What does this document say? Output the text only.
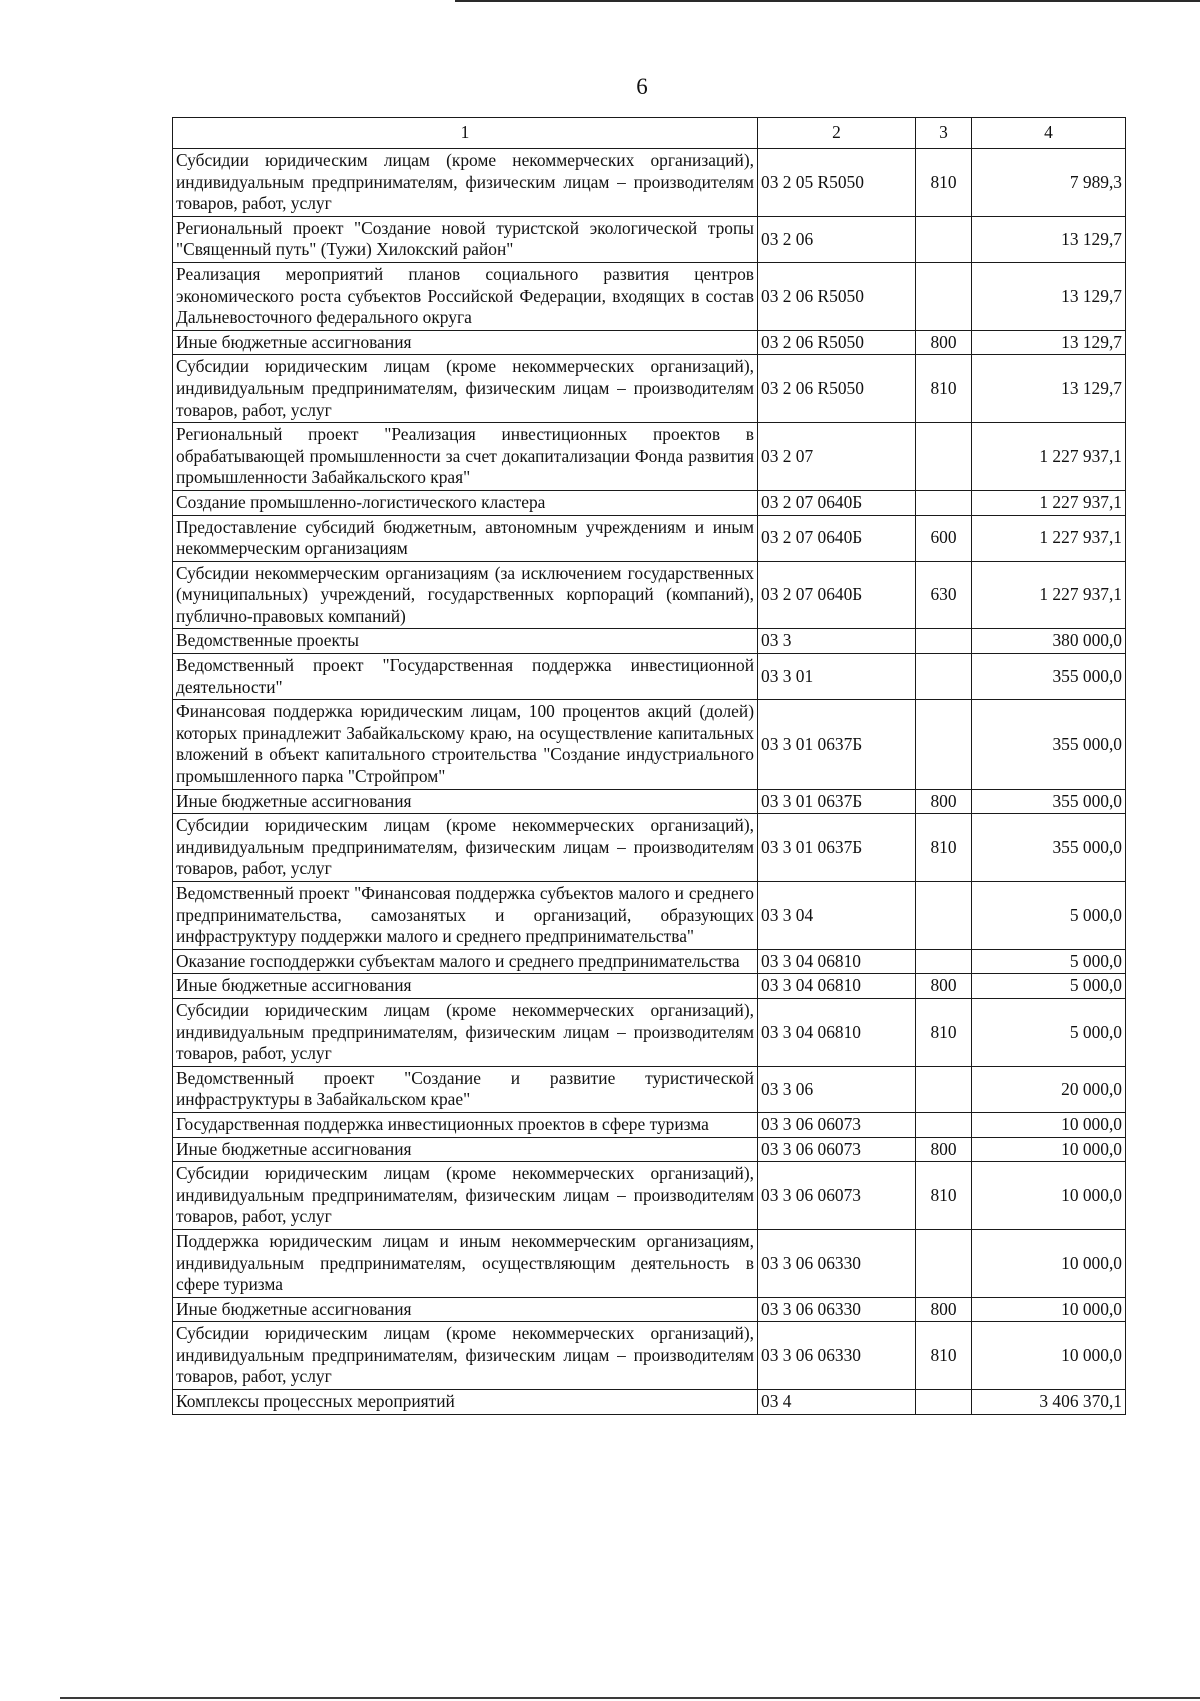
6
1	2	3	4
Субсидии юридическим лицам (кроме некоммерческих организаций), индивидуальным предпринимателям, физическим лицам – производителям товаров, работ, услуг	03 2 05 R5050	810	7 989,3
Региональный проект "Создание новой туристской экологической тропы "Священный путь" (Тужи) Хилокский район"	03 2 06		13 129,7
Реализация мероприятий планов социального развития центров экономического роста субъектов Российской Федерации, входящих в состав Дальневосточного федерального округа	03 2 06 R5050		13 129,7
Иные бюджетные ассигнования	03 2 06 R5050	800	13 129,7
Субсидии юридическим лицам (кроме некоммерческих организаций), индивидуальным предпринимателям, физическим лицам – производителям товаров, работ, услуг	03 2 06 R5050	810	13 129,7
Региональный проект "Реализация инвестиционных проектов в обрабатывающей промышленности за счет докапитализации Фонда развития промышленности Забайкальского края"	03 2 07		1 227 937,1
Создание промышленно-логистического кластера	03 2 07 0640Б		1 227 937,1
Предоставление субсидий бюджетным, автономным учреждениям и иным некоммерческим организациям	03 2 07 0640Б	600	1 227 937,1
Субсидии некоммерческим организациям (за исключением государственных (муниципальных) учреждений, государственных корпораций (компаний), публично-правовых компаний)	03 2 07 0640Б	630	1 227 937,1
Ведомственные проекты	03 3		380 000,0
Ведомственный проект "Государственная поддержка инвестиционной деятельности"	03 3 01		355 000,0
Финансовая поддержка юридическим лицам, 100 процентов акций (долей) которых принадлежит Забайкальскому краю, на осуществление капитальных вложений в объект капитального строительства "Создание индустриального промышленного парка "Стройпром"	03 3 01 0637Б		355 000,0
Иные бюджетные ассигнования	03 3 01 0637Б	800	355 000,0
Субсидии юридическим лицам (кроме некоммерческих организаций), индивидуальным предпринимателям, физическим лицам – производителям товаров, работ, услуг	03 3 01 0637Б	810	355 000,0
Ведомственный проект "Финансовая поддержка субъектов малого и среднего предпринимательства, самозанятых и организаций, образующих инфраструктуру поддержки малого и среднего предпринимательства"	03 3 04		5 000,0
Оказание господдержки субъектам малого и среднего предпринимательства	03 3 04 06810		5 000,0
Иные бюджетные ассигнования	03 3 04 06810	800	5 000,0
Субсидии юридическим лицам (кроме некоммерческих организаций), индивидуальным предпринимателям, физическим лицам – производителям товаров, работ, услуг	03 3 04 06810	810	5 000,0
Ведомственный проект "Создание и развитие туристической инфраструктуры в Забайкальском крае"	03 3 06		20 000,0
Государственная поддержка инвестиционных проектов в сфере туризма	03 3 06 06073		10 000,0
Иные бюджетные ассигнования	03 3 06 06073	800	10 000,0
Субсидии юридическим лицам (кроме некоммерческих организаций), индивидуальным предпринимателям, физическим лицам – производителям товаров, работ, услуг	03 3 06 06073	810	10 000,0
Поддержка юридическим лицам и иным некоммерческим организациям, индивидуальным предпринимателям, осуществляющим деятельность в сфере туризма	03 3 06 06330		10 000,0
Иные бюджетные ассигнования	03 3 06 06330	800	10 000,0
Субсидии юридическим лицам (кроме некоммерческих организаций), индивидуальным предпринимателям, физическим лицам – производителям товаров, работ, услуг	03 3 06 06330	810	10 000,0
Комплексы процессных мероприятий	03 4		3 406 370,1
